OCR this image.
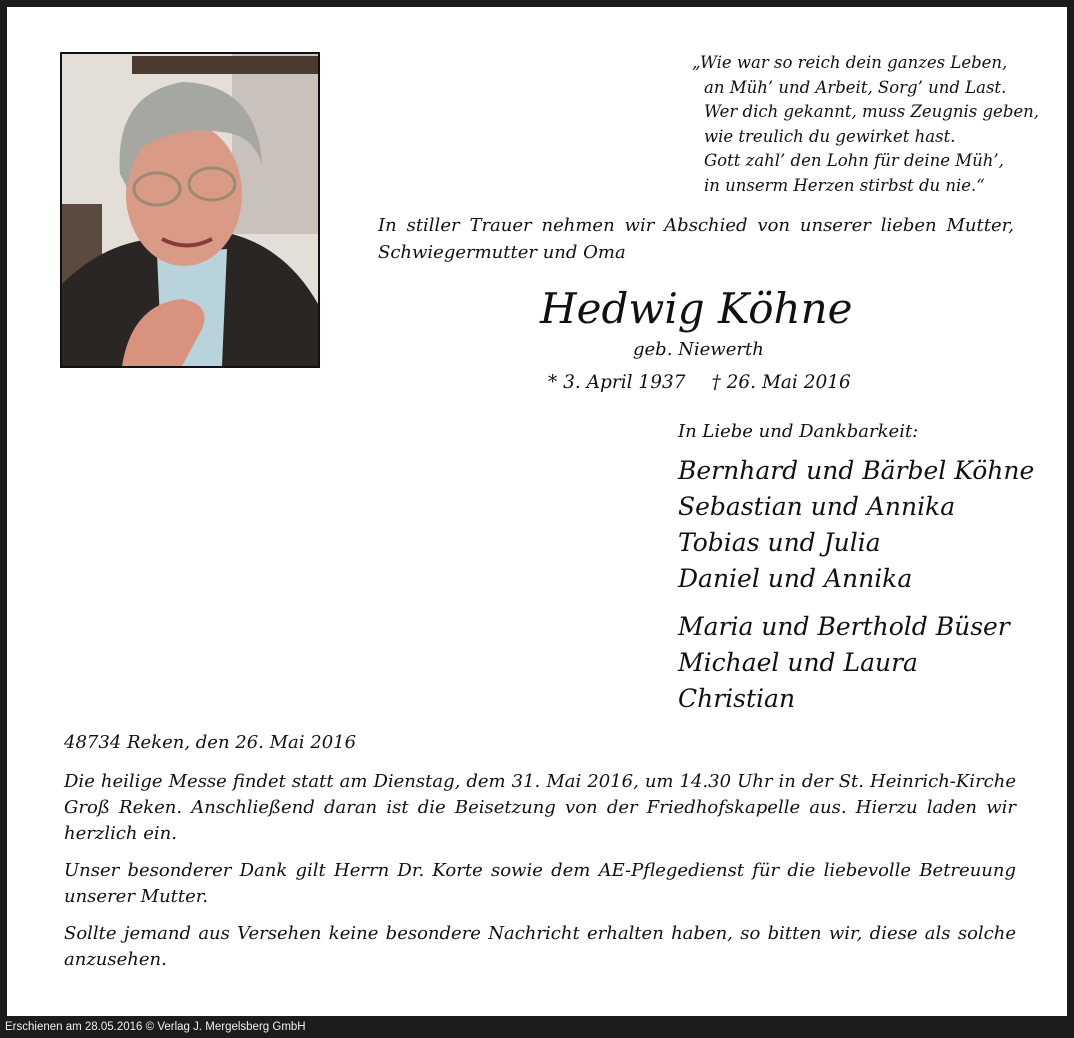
„Wie war so reich dein ganzes Leben,
an Müh’ und Arbeit, Sorg’ und Last.
Wer dich gekannt, muss Zeugnis geben,
wie treulich du gewirket hast.
Gott zahl’ den Lohn für deine Müh’,
in unserm Herzen stirbst du nie.“
In stiller Trauer nehmen wir Abschied von unserer lieben Mutter,
Schwiegermutter und Oma
Hedwig Köhne
geb. Niewerth
* 3. April 1937 † 26. Mai 2016
In Liebe und Dankbarkeit:
Bernhard und Bärbel Köhne
Sebastian und Annika
Tobias und Julia
Daniel und Annika
Maria und Berthold Büser
Michael und Laura
Christian

48734 Reken, den 26. Mai 2016

Die heilige Messe findet statt am Dienstag, dem 31. Mai 2016, um 14.30 Uhr in der St. Heinrich-Kirche Groß Reken. Anschließend daran ist die Beisetzung von der Friedhofskapelle aus. Hierzu laden wir herzlich ein.

Unser besonderer Dank gilt Herrn Dr. Korte sowie dem AE-Pflegedienst für die liebevolle Betreuung unserer Mutter.

Sollte jemand aus Versehen keine besondere Nachricht erhalten haben, so bitten wir, diese als solche anzusehen.

Erschienen am 28.05.2016 © Verlag J. Mergelsberg GmbH
